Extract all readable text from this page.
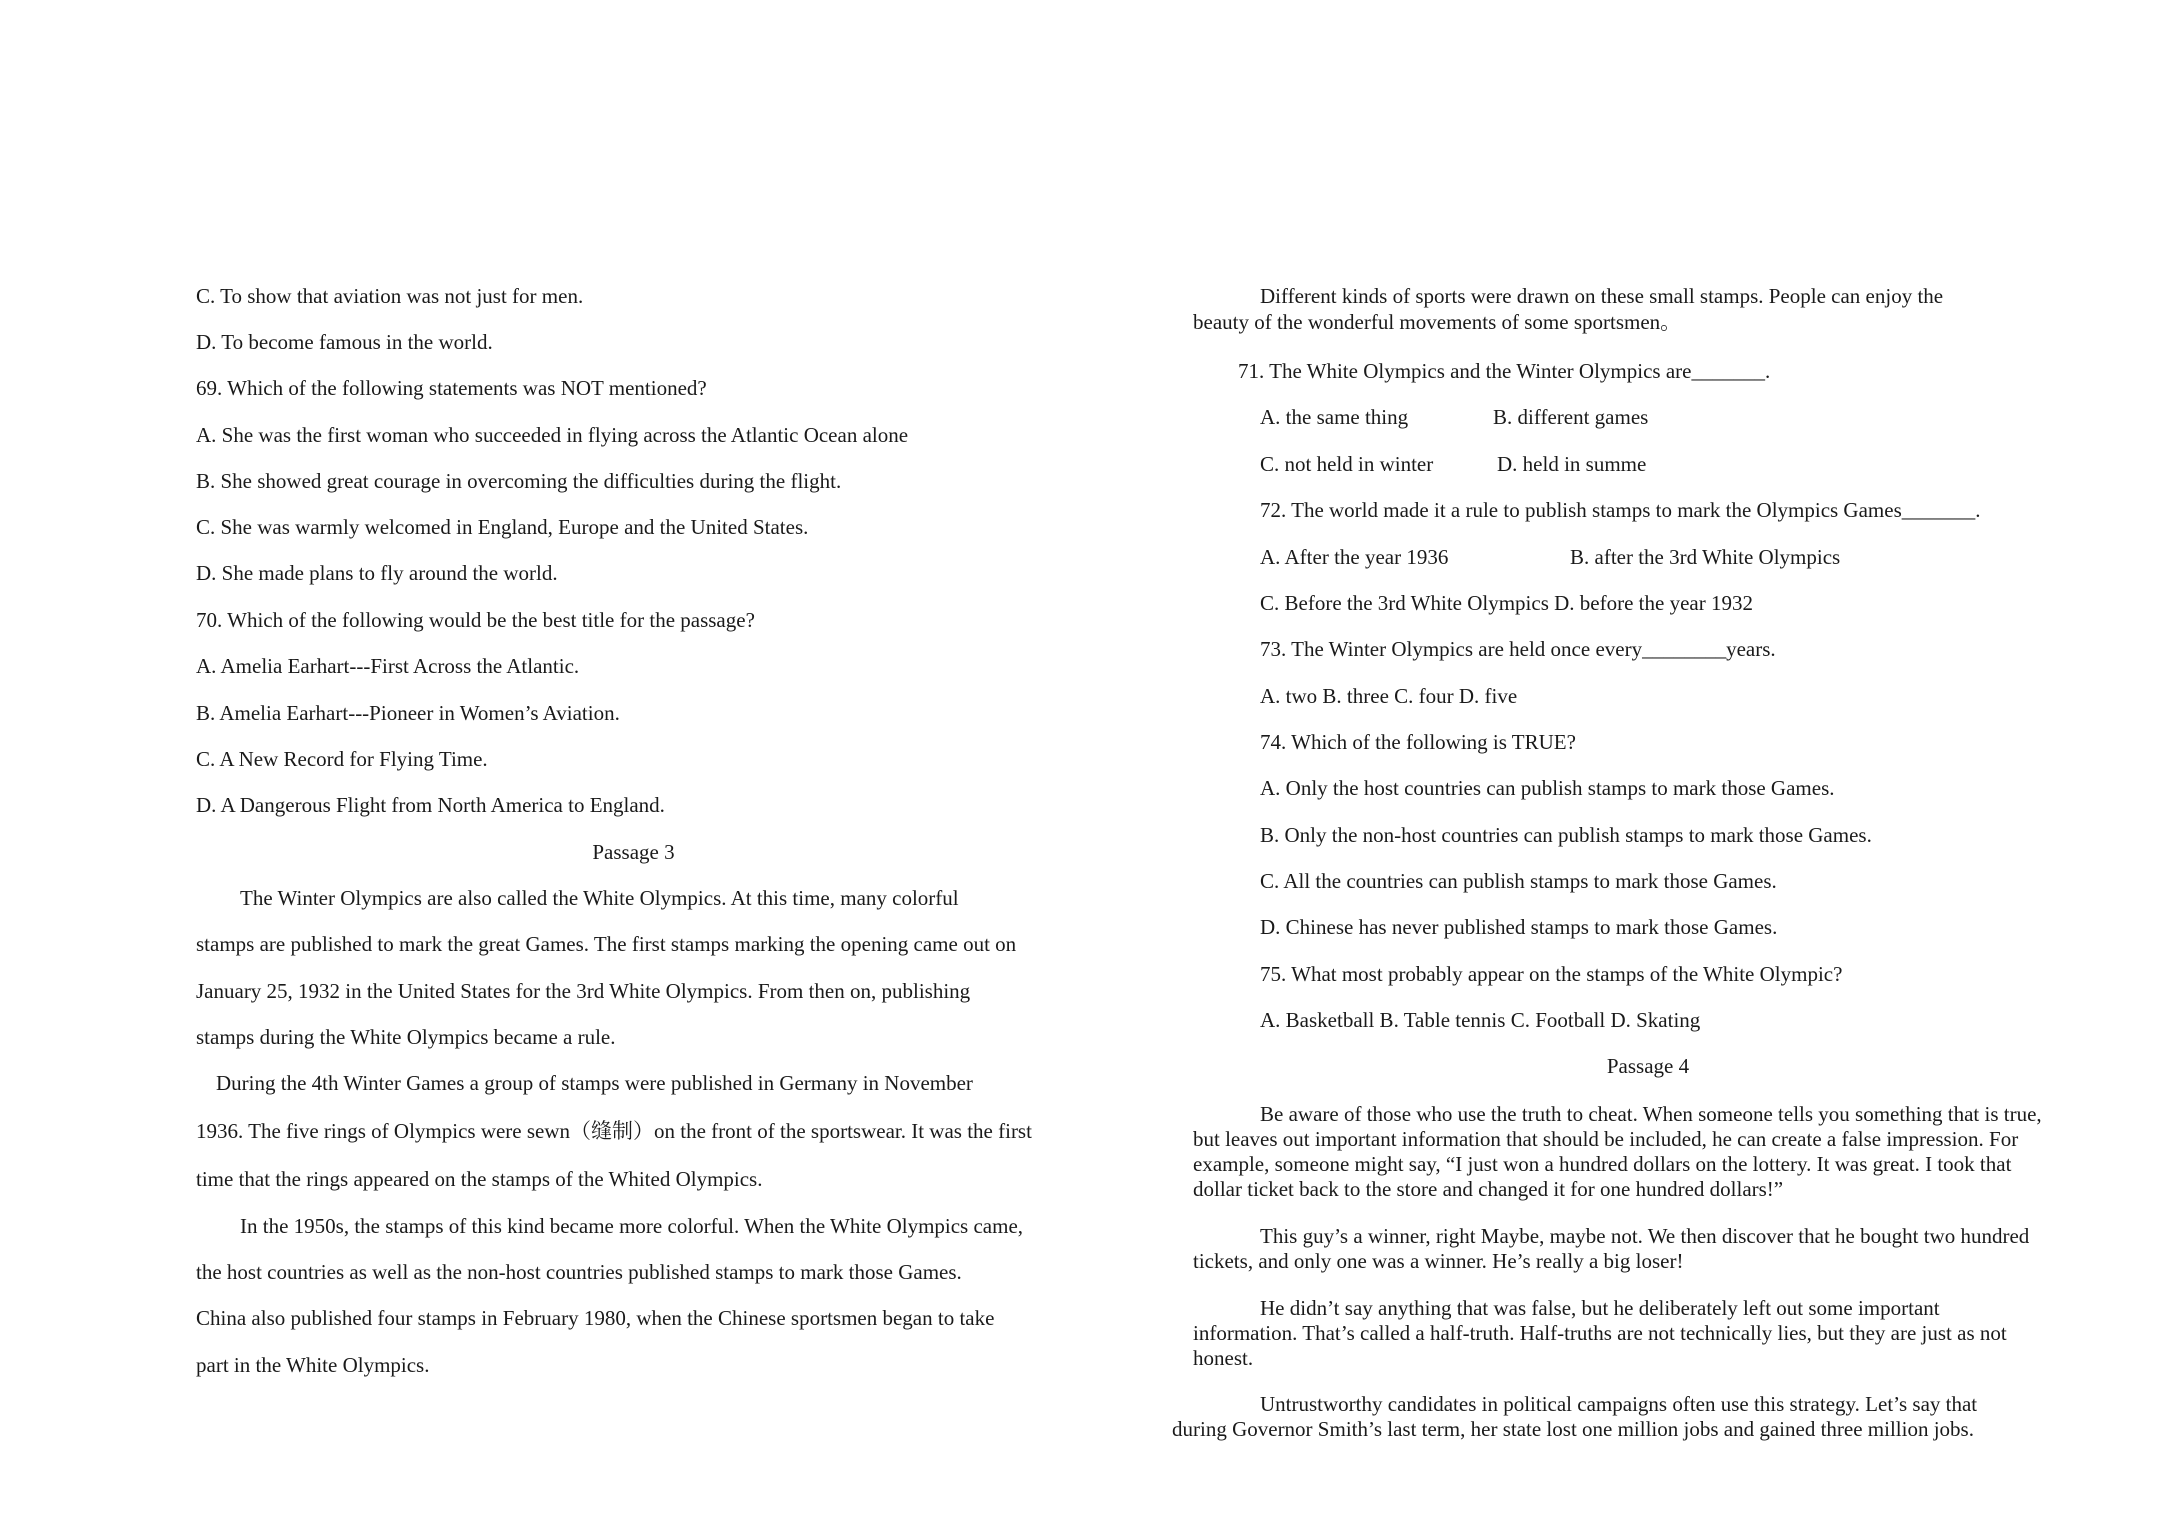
C. To show that aviation was not just for men.
D. To become famous in the world.
69. Which of the following statements was NOT mentioned?
A. She was the first woman who succeeded in flying across the Atlantic Ocean alone
B. She showed great courage in overcoming the difficulties during the flight.
C. She was warmly welcomed in England, Europe and the United States.
D. She made plans to fly around the world.
70. Which of the following would be the best title for the passage?
A. Amelia Earhart---First Across the Atlantic.
B. Amelia Earhart---Pioneer in Women’s Aviation.
C. A New Record for Flying Time.
D. A Dangerous Flight from North America to England.
Passage 3
The Winter Olympics are also called the White Olympics. At this time, many colorful
stamps are published to mark the great Games. The first stamps marking the opening came out on
January 25, 1932 in the United States for the 3rd White Olympics. From then on, publishing
stamps during the White Olympics became a rule.
During the 4th Winter Games a group of stamps were published in Germany in November
1936. The five rings of Olympics were sewn（缝制）on the front of the sportswear. It was the first
time that the rings appeared on the stamps of the Whited Olympics.
In the 1950s, the stamps of this kind became more colorful. When the White Olympics came,
the host countries as well as the non-host countries published stamps to mark those Games.
China also published four stamps in February 1980, when the Chinese sportsmen began to take
part in the White Olympics.
Different kinds of sports were drawn on these small stamps. People can enjoy the
beauty of the wonderful movements of some sportsmen。
71. The White Olympics and the Winter Olympics are_______.
A. the same thing	B. different games
C. not held in winter	D. held in summe
72. The world made it a rule to publish stamps to mark the Olympics Games_______.
A. After the year 1936	B. after the 3rd White Olympics
C. Before the 3rd White Olympics D. before the year 1932
73. The Winter Olympics are held once every________years.
A. two B. three C. four D. five
74. Which of the following is TRUE?
A. Only the host countries can publish stamps to mark those Games.
B. Only the non-host countries can publish stamps to mark those Games.
C. All the countries can publish stamps to mark those Games.
D. Chinese has never published stamps to mark those Games.
75. What most probably appear on the stamps of the White Olympic?
A. Basketball B. Table tennis C. Football D. Skating
Passage 4
Be aware of those who use the truth to cheat. When someone tells you something that is true, but leaves out important information that should be included, he can create a false impression. For example, someone might say, “I just won a hundred dollars on the lottery. It was great. I took that dollar ticket back to the store and changed it for one hundred dollars!”
This guy’s a winner, right Maybe, maybe not. We then discover that he bought two hundred tickets, and only one was a winner. He’s really a big loser!
He didn’t say anything that was false, but he deliberately left out some important information. That’s called a half-truth. Half-truths are not technically lies, but they are just as not honest.
Untrustworthy candidates in political campaigns often use this strategy. Let’s say that during Governor Smith’s last term, her state lost one million jobs and gained three million jobs.
